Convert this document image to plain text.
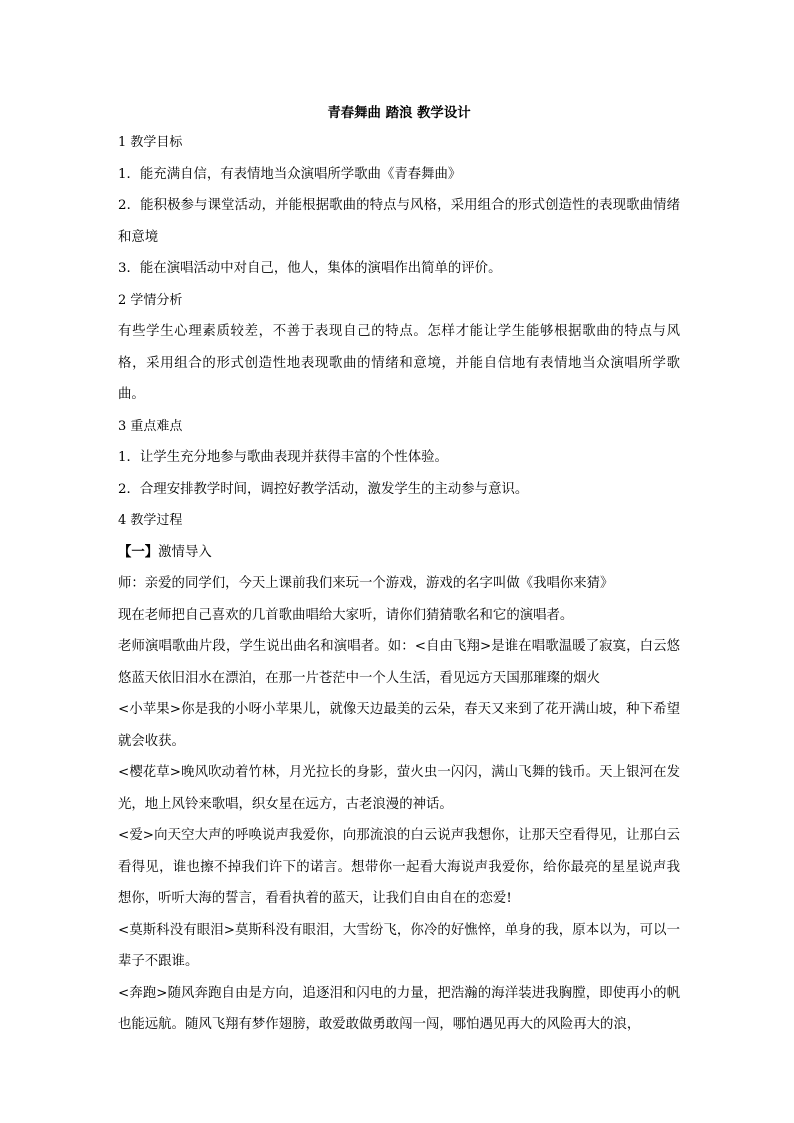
青春舞曲 踏浪 教学设计

1 教学目标

1．能充满自信，有表情地当众演唱所学歌曲《青春舞曲》

2．能积极参与课堂活动，并能根据歌曲的特点与风格，采用组合的形式创造性的表现歌曲情绪和意境

3．能在演唱活动中对自己，他人，集体的演唱作出简单的评价。

2 学情分析

有些学生心理素质较差，不善于表现自己的特点。怎样才能让学生能够根据歌曲的特点与风格，采用组合的形式创造性地表现歌曲的情绪和意境，并能自信地有表情地当众演唱所学歌曲。

3 重点难点

1．让学生充分地参与歌曲表现并获得丰富的个性体验。

2．合理安排教学时间，调控好教学活动，激发学生的主动参与意识。

4 教学过程

【一】激情导入

师：亲爱的同学们，今天上课前我们来玩一个游戏，游戏的名字叫做《我唱你来猜》

现在老师把自己喜欢的几首歌曲唱给大家听，请你们猜猜歌名和它的演唱者。

老师演唱歌曲片段，学生说出曲名和演唱者。如：<自由飞翔>是谁在唱歌温暖了寂寞，白云悠悠蓝天依旧泪水在漂泊，在那一片苍茫中一个人生活，看见远方天国那璀璨的烟火

<小苹果>你是我的小呀小苹果儿，就像天边最美的云朵，春天又来到了花开满山坡，种下希望就会收获。

<樱花草>晚风吹动着竹林，月光拉长的身影，萤火虫一闪闪，满山飞舞的钱币。天上银河在发光，地上风铃来歌唱，织女星在远方，古老浪漫的神话。

<爱>向天空大声的呼唤说声我爱你，向那流浪的白云说声我想你，让那天空看得见，让那白云看得见，谁也擦不掉我们许下的诺言。想带你一起看大海说声我爱你，给你最亮的星星说声我想你，听听大海的誓言，看看执着的蓝天，让我们自由自在的恋爱!

<莫斯科没有眼泪>莫斯科没有眼泪，大雪纷飞，你冷的好憔悴，单身的我，原本以为，可以一辈子不跟谁。

<奔跑>随风奔跑自由是方向，追逐泪和闪电的力量，把浩瀚的海洋装进我胸膛，即使再小的帆也能远航。随风飞翔有梦作翅膀，敢爱敢做勇敢闯一闯，哪怕遇见再大的风险再大的浪，
